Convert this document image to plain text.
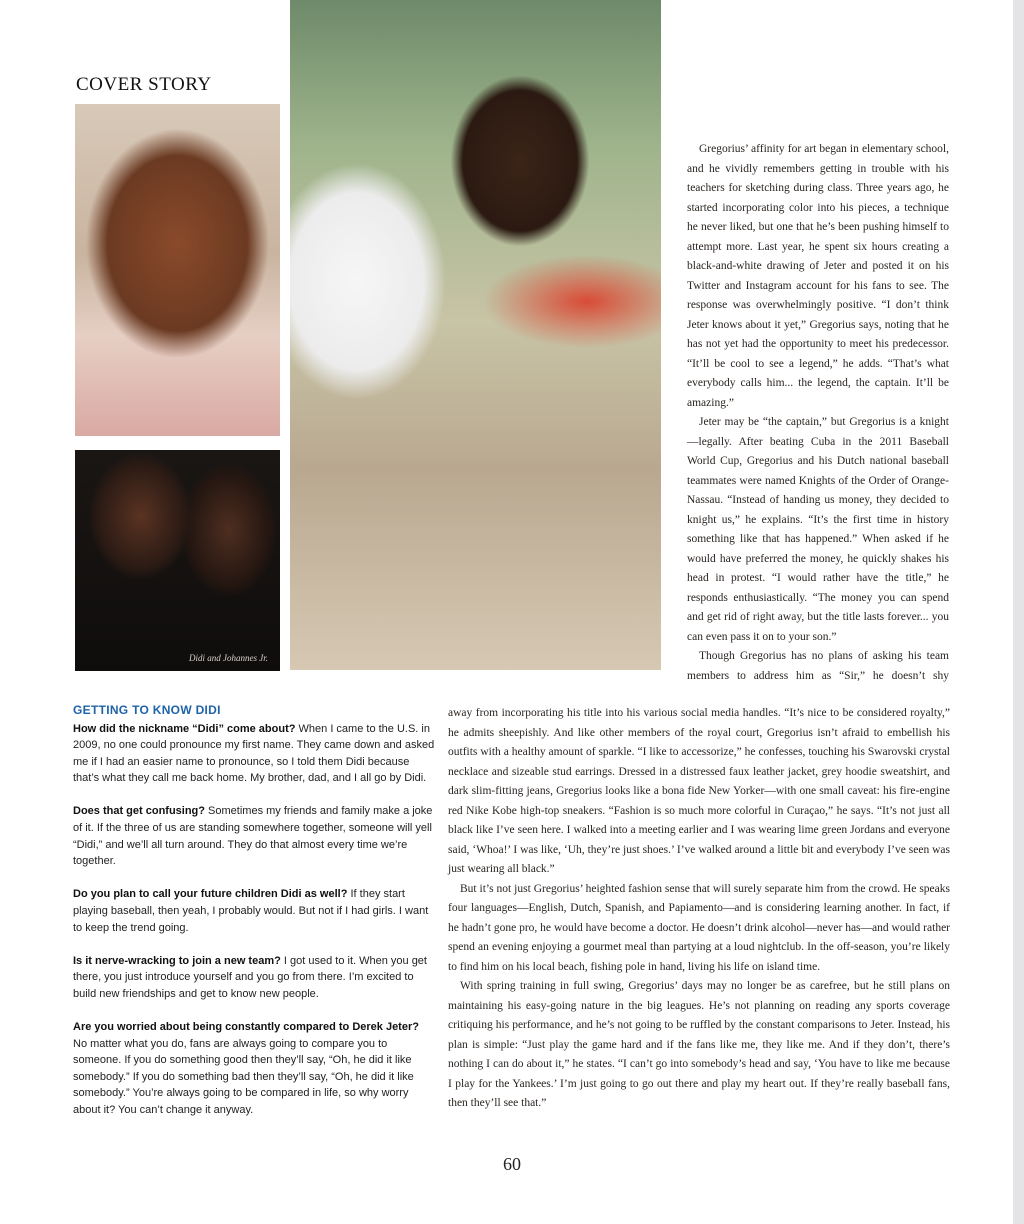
COVER STORY
Didi and Johannes Jr.

Gregorius’ affinity for art began in elementary school, and he vividly remembers getting in trouble with his teachers for sketching during class. Three years ago, he started incorporating color into his pieces, a technique he never liked, but one that he’s been pushing himself to attempt more. Last year, he spent six hours creating a black-and-white drawing of Jeter and posted it on his Twitter and Instagram account for his fans to see. The response was overwhelmingly positive. “I don’t think Jeter knows about it yet,” Gregorius says, noting that he has not yet had the opportunity to meet his predecessor. “It’ll be cool to see a legend,” he adds. “That’s what everybody calls him... the legend, the captain. It’ll be amazing.”

Jeter may be “the captain,” but Gregorius is a knight—legally. After beating Cuba in the 2011 Baseball World Cup, Gregorius and his Dutch national baseball teammates were named Knights of the Order of Orange-Nassau. “Instead of handing us money, they decided to knight us,” he explains. “It’s the first time in history something like that has happened.” When asked if he would have preferred the money, he quickly shakes his head in protest. “I would rather have the title,” he responds enthusiastically. “The money you can spend and get rid of right away, but the title lasts forever... you can even pass it on to your son.”

Though Gregorius has no plans of asking his team members to address him as “Sir,” he doesn’t shy

GETTING TO KNOW DIDI
How did the nickname “Didi” come about? When I came to the U.S. in 2009, no one could pronounce my first name. They came down and asked me if I had an easier name to pronounce, so I told them Didi because that’s what they call me back home. My brother, dad, and I all go by Didi.
Does that get confusing? Sometimes my friends and family make a joke of it. If the three of us are standing somewhere together, someone will yell “Didi,” and we’ll all turn around. They do that almost every time we’re together.
Do you plan to call your future children Didi as well? If they start playing baseball, then yeah, I probably would. But not if I had girls. I want to keep the trend going.
Is it nerve-wracking to join a new team? I got used to it. When you get there, you just introduce yourself and you go from there. I’m excited to build new friendships and get to know new people.
Are you worried about being constantly compared to Derek Jeter? No matter what you do, fans are always going to compare you to someone. If you do something good then they’ll say, “Oh, he did it like somebody.” If you do something bad then they’ll say, “Oh, he did it like somebody.” You’re always going to be compared in life, so why worry about it? You can’t change it anyway.

away from incorporating his title into his various social media handles. “It’s nice to be considered royalty,” he admits sheepishly. And like other members of the royal court, Gregorius isn’t afraid to embellish his outfits with a healthy amount of sparkle. “I like to accessorize,” he confesses, touching his Swarovski crystal necklace and sizeable stud earrings. Dressed in a distressed faux leather jacket, grey hoodie sweatshirt, and dark slim-fitting jeans, Gregorius looks like a bona fide New Yorker—with one small caveat: his fire-engine red Nike Kobe high-top sneakers. “Fashion is so much more colorful in Curaçao,” he says. “It’s not just all black like I’ve seen here. I walked into a meeting earlier and I was wearing lime green Jordans and everyone said, ‘Whoa!’ I was like, ‘Uh, they’re just shoes.’ I’ve walked around a little bit and everybody I’ve seen was just wearing all black.”

But it’s not just Gregorius’ heighted fashion sense that will surely separate him from the crowd. He speaks four languages—English, Dutch, Spanish, and Papiamento—and is considering learning another. In fact, if he hadn’t gone pro, he would have become a doctor. He doesn’t drink alcohol—never has—and would rather spend an evening enjoying a gourmet meal than partying at a loud nightclub. In the off-season, you’re likely to find him on his local beach, fishing pole in hand, living his life on island time.

With spring training in full swing, Gregorius’ days may no longer be as carefree, but he still plans on maintaining his easy-going nature in the big leagues. He’s not planning on reading any sports coverage critiquing his performance, and he’s not going to be ruffled by the constant comparisons to Jeter. Instead, his plan is simple: “Just play the game hard and if the fans like me, they like me. And if they don’t, there’s nothing I can do about it,” he states. “I can’t go into somebody’s head and say, ‘You have to like me because I play for the Yankees.’ I’m just going to go out there and play my heart out. If they’re really baseball fans, then they’ll see that.”

60
